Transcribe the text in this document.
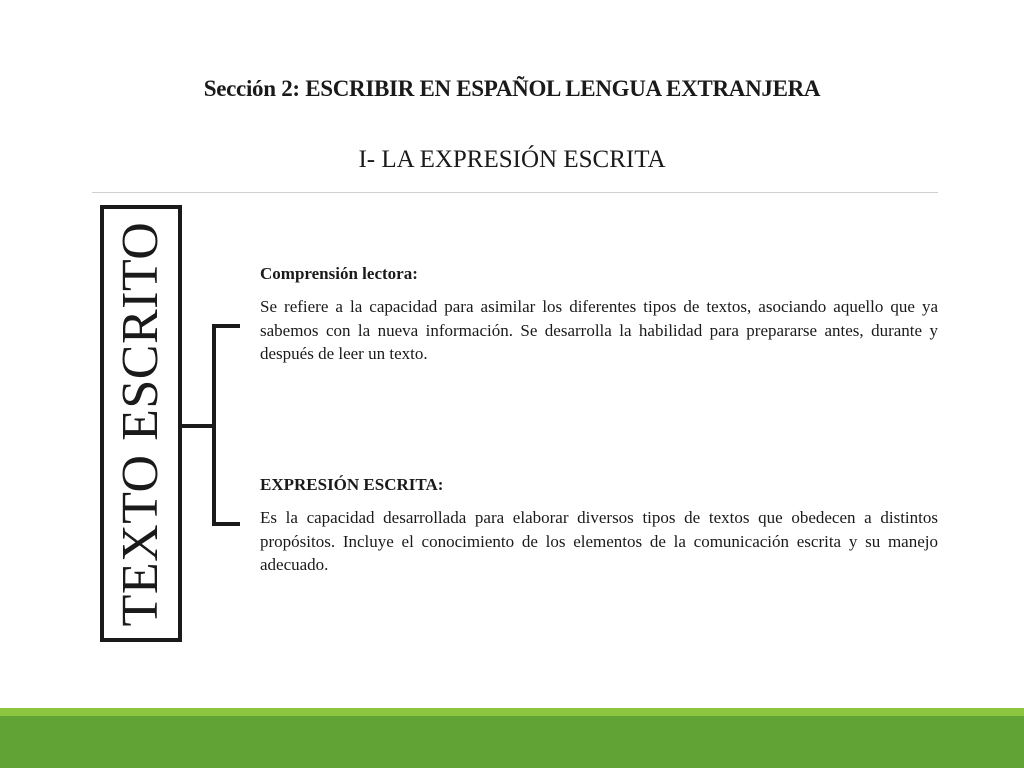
Sección 2: ESCRIBIR EN ESPAÑOL LENGUA EXTRANJERA
I- LA EXPRESIÓN ESCRITA
TEXTO ESCRITO	Comprensión lectora:

Se refiere a la capacidad para asimilar los diferentes tipos de textos, asociando aquello que ya sabemos con la nueva información. Se desarrolla la habilidad para prepararse antes, durante y después de leer un texto.

EXPRESIÓN ESCRITA:

Es la capacidad desarrollada para elaborar diversos tipos de textos que obedecen a distintos propósitos. Incluye el conocimiento de los elementos de la comunicación escrita y su manejo adecuado.
